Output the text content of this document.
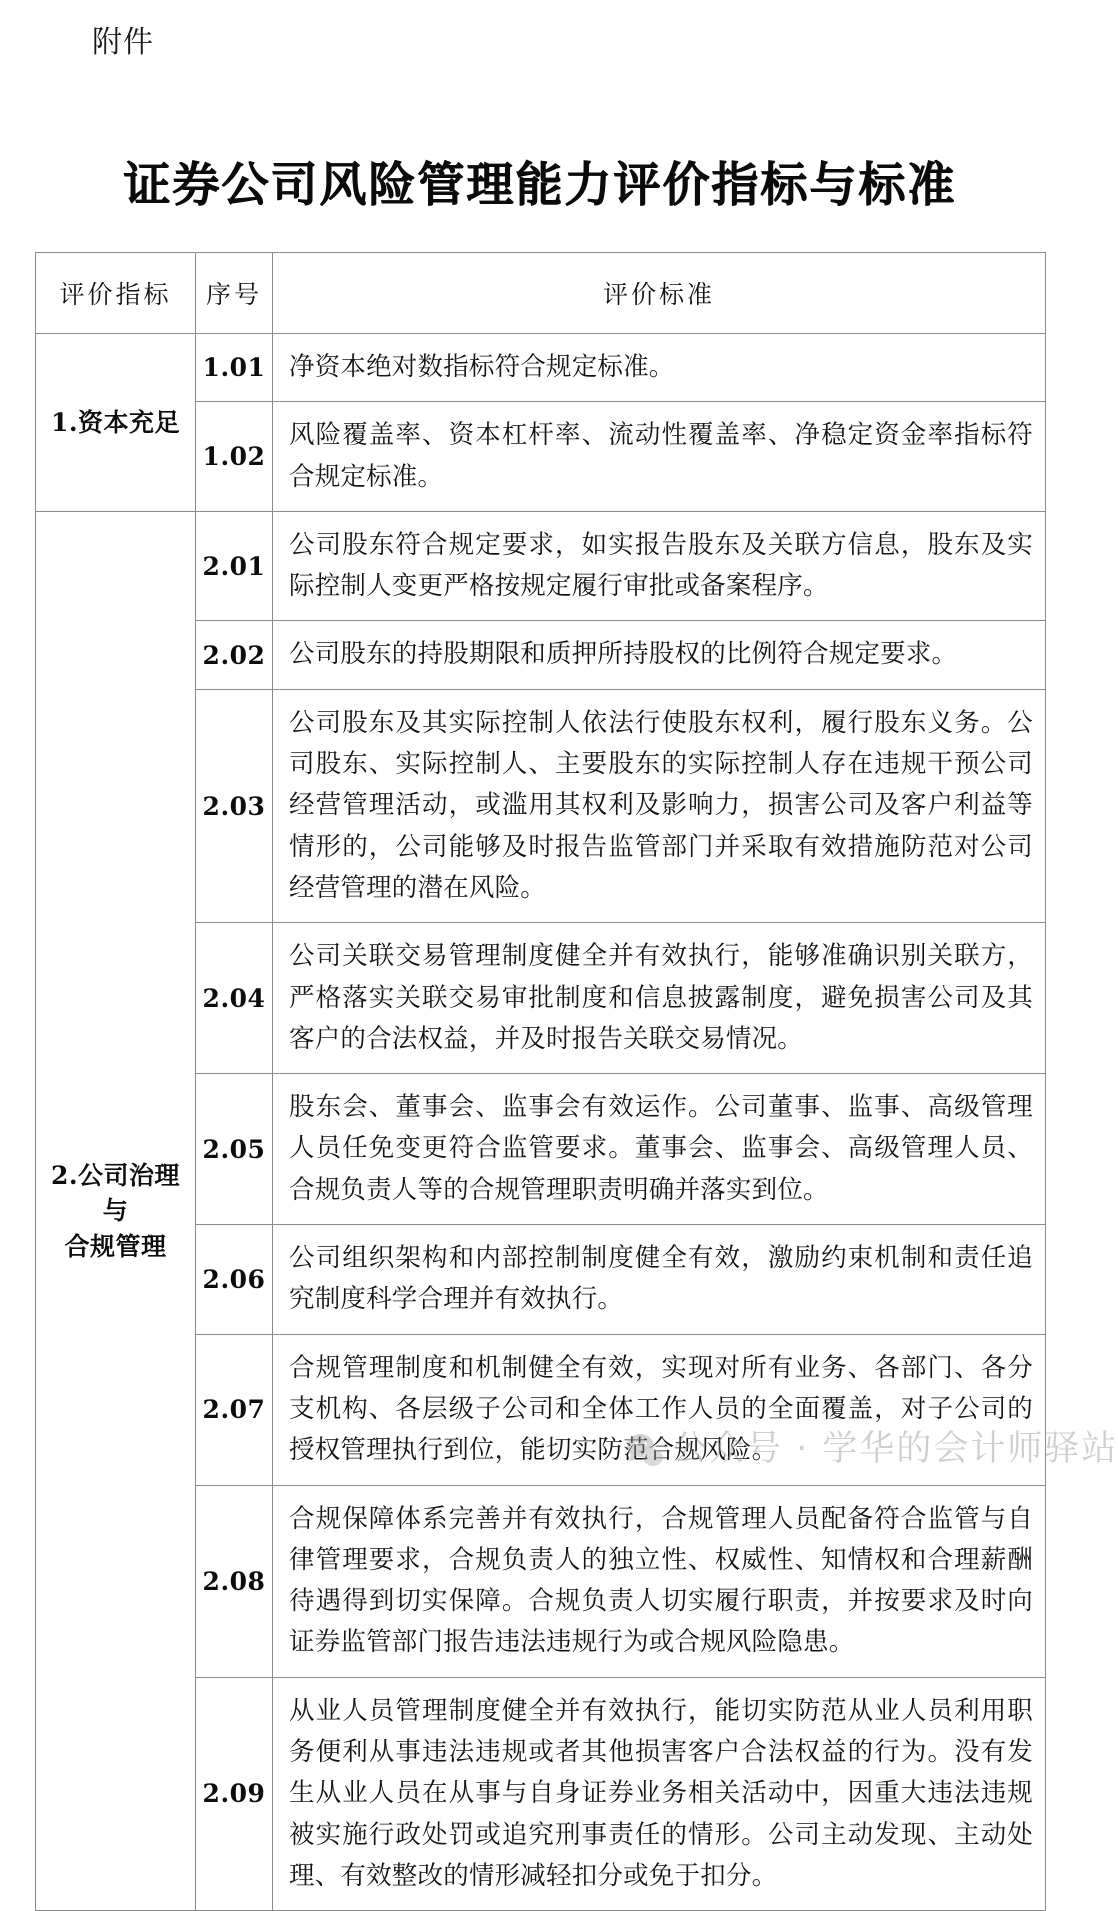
附件
证券公司风险管理能力评价指标与标准
评价指标	序号	评价标准
1.资本充足	1.01	净资本绝对数指标符合规定标准。
	1.02	风险覆盖率、资本杠杆率、流动性覆盖率、净稳定资金率指标符合规定标准。
2.公司治理与
合规管理	2.01	公司股东符合规定要求，如实报告股东及关联方信息，股东及实际控制人变更严格按规定履行审批或备案程序。
	2.02	公司股东的持股期限和质押所持股权的比例符合规定要求。
	2.03	公司股东及其实际控制人依法行使股东权利，履行股东义务。公司股东、实际控制人、主要股东的实际控制人存在违规干预公司经营管理活动，或滥用其权利及影响力，损害公司及客户利益等情形的，公司能够及时报告监管部门并采取有效措施防范对公司经营管理的潜在风险。
	2.04	公司关联交易管理制度健全并有效执行，能够准确识别关联方，严格落实关联交易审批制度和信息披露制度，避免损害公司及其客户的合法权益，并及时报告关联交易情况。
	2.05	股东会、董事会、监事会有效运作。公司董事、监事、高级管理人员任免变更符合监管要求。董事会、监事会、高级管理人员、合规负责人等的合规管理职责明确并落实到位。
	2.06	公司组织架构和内部控制制度健全有效，激励约束机制和责任追究制度科学合理并有效执行。
	2.07	合规管理制度和机制健全有效，实现对所有业务、各部门、各分支机构、各层级子公司和全体工作人员的全面覆盖，对子公司的授权管理执行到位，能切实防范合规风险。
	2.08	合规保障体系完善并有效执行，合规管理人员配备符合监管与自律管理要求，合规负责人的独立性、权威性、知情权和合理薪酬待遇得到切实保障。合规负责人切实履行职责，并按要求及时向证券监管部门报告违法违规行为或合规风险隐患。
	2.09	从业人员管理制度健全并有效执行，能切实防范从业人员利用职务便利从事违法违规或者其他损害客户合法权益的行为。没有发生从业人员在从事与自身证券业务相关活动中，因重大违法违规被实施行政处罚或追究刑事责任的情形。公司主动发现、主动处理、有效整改的情形减轻扣分或免于扣分。
公众号 · 学华的会计师驿站
